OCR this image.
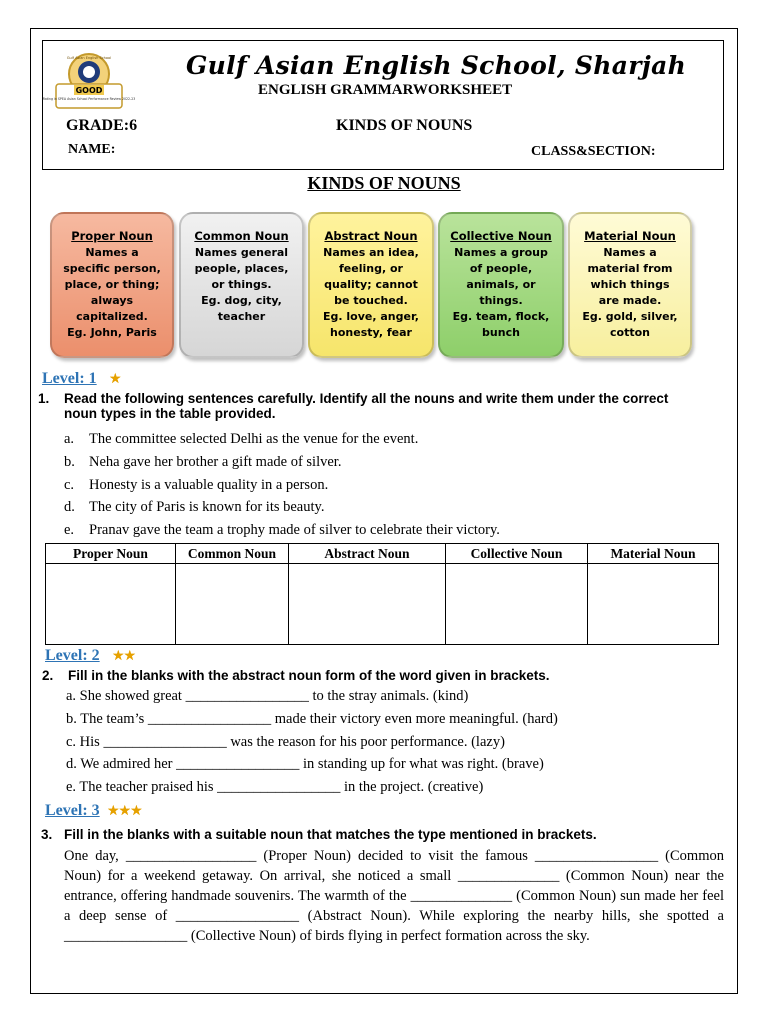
Gulf Asian English School
GOOD
Rating in SPEA Asian School Performance Review 2022-23
Gulf Asian English School, Sharjah
ENGLISH GRAMMARWORKSHEET
GRADE:6	KINDS OF NOUNS
NAME:	CLASS&SECTION:
KINDS OF NOUNS
Proper Noun
Names a
specific person,
place, or thing;
always
capitalized.
Eg. John, Paris
Common Noun
Names general
people, places,
or things.
Eg. dog, city,
teacher
Abstract Noun
Names an idea,
feeling, or
quality; cannot
be touched.
Eg. love, anger,
honesty, fear
Collective Noun
Names a group
of people,
animals, or
things.
Eg. team, flock,
bunch
Material Noun
Names a
material from
which things
are made.
Eg. gold, silver,
cotton
Level: 1 ★
1. Read the following sentences carefully. Identify all the nouns and write them under the correct
noun types in the table provided.
a. The committee selected Delhi as the venue for the event.
b. Neha gave her brother a gift made of silver.
c. Honesty is a valuable quality in a person.
d. The city of Paris is known for its beauty.
e. Pranav gave the team a trophy made of silver to celebrate their victory.
Proper Noun	Common Noun	Abstract Noun	Collective Noun	Material Noun

Level: 2 ★★
2. Fill in the blanks with the abstract noun form of the word given in brackets.
a. She showed great _________________ to the stray animals. (kind)
b. The team’s _________________ made their victory even more meaningful. (hard)
c. His _________________ was the reason for his poor performance. (lazy)
d. We admired her _________________ in standing up for what was right. (brave)
e. The teacher praised his _________________ in the project. (creative)
Level: 3 ★★★
3. Fill in the blanks with a suitable noun that matches the type mentioned in brackets.
One day, __________________ (Proper Noun) decided to visit the famous _________________ (Common Noun) for a weekend getaway. On arrival, she noticed a small ______________ (Common Noun) near the entrance, offering handmade souvenirs. The warmth of the ______________ (Common Noun) sun made her feel a deep sense of _________________ (Abstract Noun). While exploring the nearby hills, she spotted a _________________ (Collective Noun) of birds flying in perfect formation across the sky.
